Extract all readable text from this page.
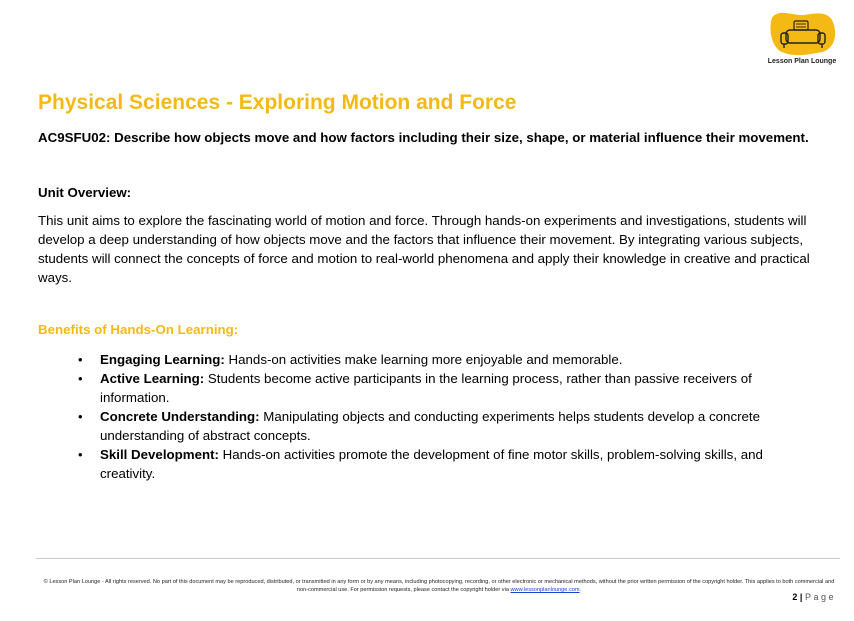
Lesson Plan Lounge
Physical Sciences - Exploring Motion and Force

AC9SFU02: Describe how objects move and how factors including their size, shape, or material influence their movement.

Unit Overview:

This unit aims to explore the fascinating world of motion and force. Through hands-on experiments and investigations, students will develop a deep understanding of how objects move and the factors that influence their movement. By integrating various subjects, students will connect the concepts of force and motion to real-world phenomena and apply their knowledge in creative and practical ways.

Benefits of Hands-On Learning:

• Engaging Learning: Hands-on activities make learning more enjoyable and memorable.
• Active Learning: Students become active participants in the learning process, rather than passive receivers of information.
• Concrete Understanding: Manipulating objects and conducting experiments helps students develop a concrete understanding of abstract concepts.
• Skill Development: Hands-on activities promote the development of fine motor skills, problem-solving skills, and creativity.

© Lesson Plan Lounge - All rights reserved. No part of this document may be reproduced, distributed, or transmitted in any form or by any means, including photocopying, recording, or other electronic or mechanical methods, without the prior written permission of the copyright holder. This applies to both commercial and non-commercial use. For permission requests, please contact the copyright holder via www.lessonplanlounge.com.

2 | Page
